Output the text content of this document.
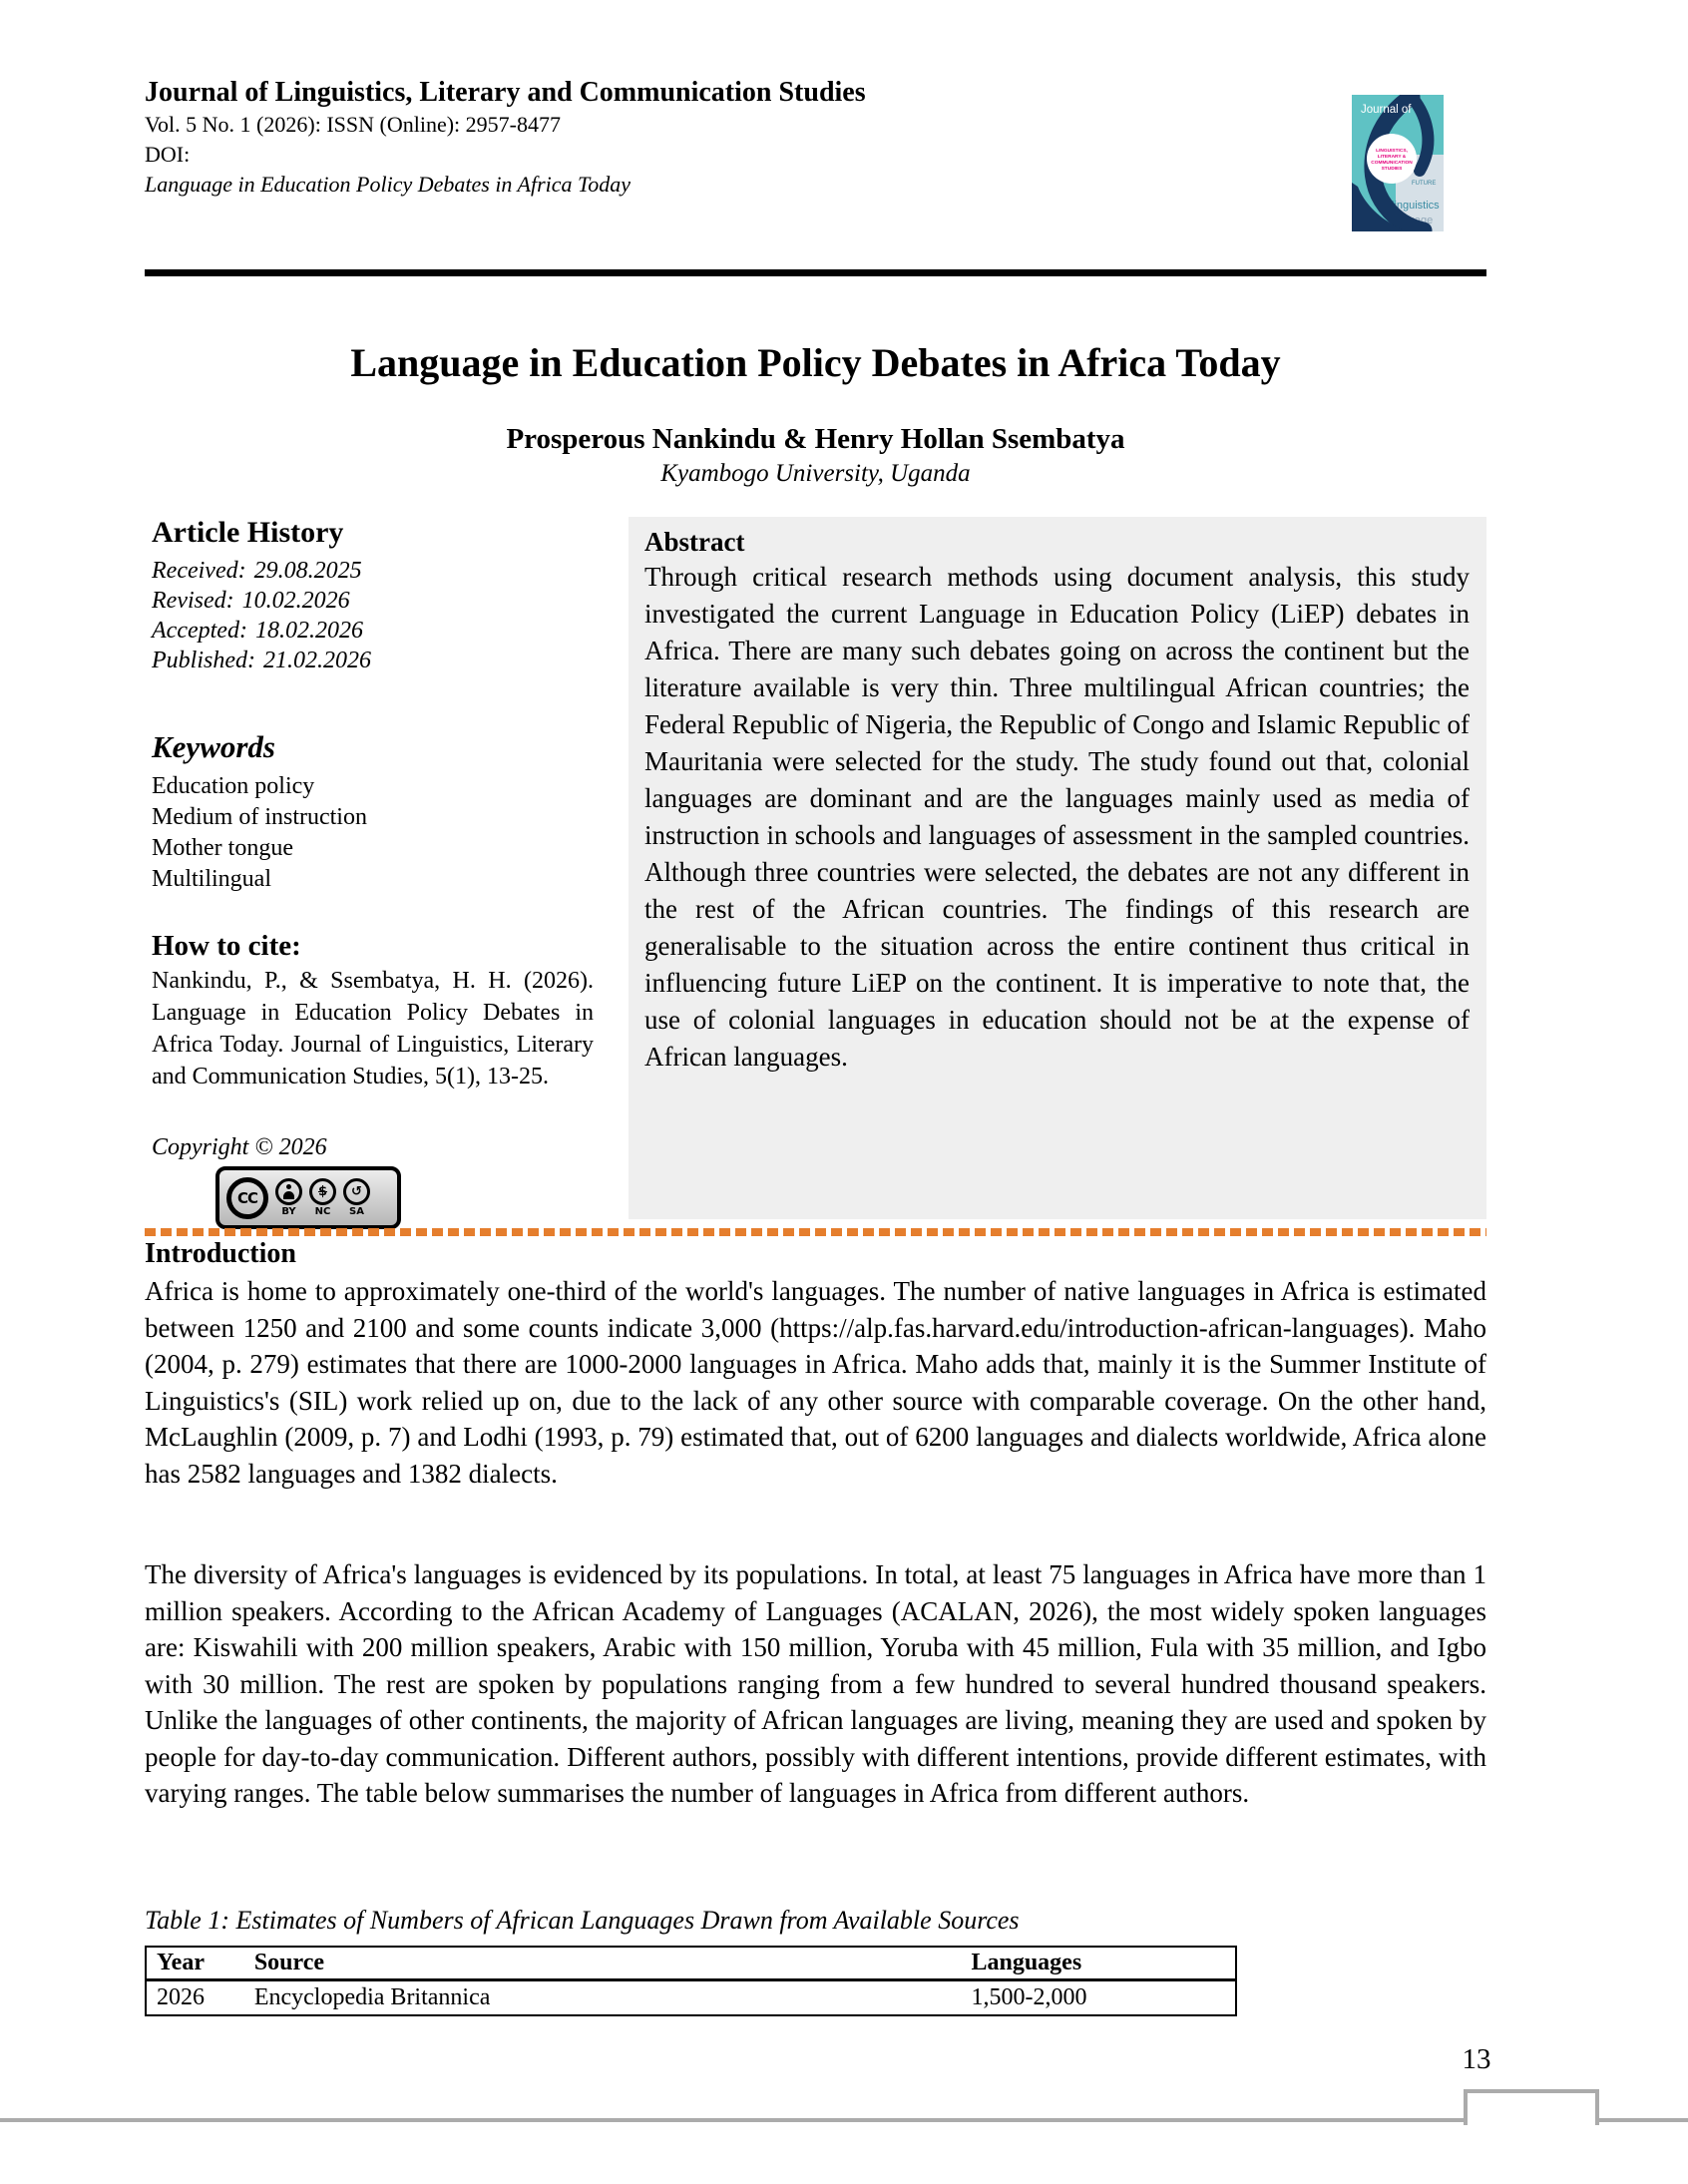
Journal of Linguistics, Literary and Communication Studies
Vol. 5 No. 1 (2026): ISSN (Online): 2957-8477
DOI:
Language in Education Policy Debates in Africa Today	FUTURE
linguistics
language
LINGUISTICS,
LITERARY &
COMMUNICATION
STUDIES
Journal of
Language in Education Policy Debates in Africa Today
Prosperous Nankindu & Henry Hollan Ssembatya
Kyambogo University, Uganda
Article History
Received: 29.08.2025
Revised: 10.02.2026
Accepted: 18.02.2026
Published: 21.02.2026
Keywords
Education policy
Medium of instruction
Mother tongue
Multilingual
How to cite:
Nankindu, P., & Ssembatya, H. H. (2026). Language in Education Policy Debates in Africa Today. Journal of Linguistics, Literary and Communication Studies, 5(1), 13-25.
Copyright © 2026
CC
BY
$
NC
↺
SA
Abstract
Through critical research methods using document analysis, this study investigated the current Language in Education Policy (LiEP) debates in Africa. There are many such debates going on across the continent but the literature available is very thin. Three multilingual African countries; the Federal Republic of Nigeria, the Republic of Congo and Islamic Republic of Mauritania were selected for the study. The study found out that, colonial languages are dominant and are the languages mainly used as media of instruction in schools and languages of assessment in the sampled countries. Although three countries were selected, the debates are not any different in the rest of the African countries. The findings of this research are generalisable to the situation across the entire continent thus critical in influencing future LiEP on the continent. It is imperative to note that, the use of colonial languages in education should not be at the expense of African languages.
Introduction

Africa is home to approximately one-third of the world's languages. The number of native languages in Africa is estimated between 1250 and 2100 and some counts indicate 3,000 (https://alp.fas.harvard.edu/introduction-african-languages). Maho (2004, p. 279) estimates that there are 1000-2000 languages in Africa. Maho adds that, mainly it is the Summer Institute of Linguistics's (SIL) work relied up on, due to the lack of any other source with comparable coverage. On the other hand, McLaughlin (2009, p. 7) and Lodhi (1993, p. 79) estimated that, out of 6200 languages and dialects worldwide, Africa alone has 2582 languages and 1382 dialects.

The diversity of Africa's languages is evidenced by its populations. In total, at least 75 languages in Africa have more than 1 million speakers. According to the African Academy of Languages (ACALAN, 2026), the most widely spoken languages are: Kiswahili with 200 million speakers, Arabic with 150 million, Yoruba with 45 million, Fula with 35 million, and Igbo with 30 million. The rest are spoken by populations ranging from a few hundred to several hundred thousand speakers. Unlike the languages of other continents, the majority of African languages are living, meaning they are used and spoken by people for day-to-day communication. Different authors, possibly with different intentions, provide different estimates, with varying ranges. The table below summarises the number of languages in Africa from different authors.

Table 1: Estimates of Numbers of African Languages Drawn from Available Sources
Year	Source	Languages
2026	Encyclopedia Britannica	1,500-2,000
13
